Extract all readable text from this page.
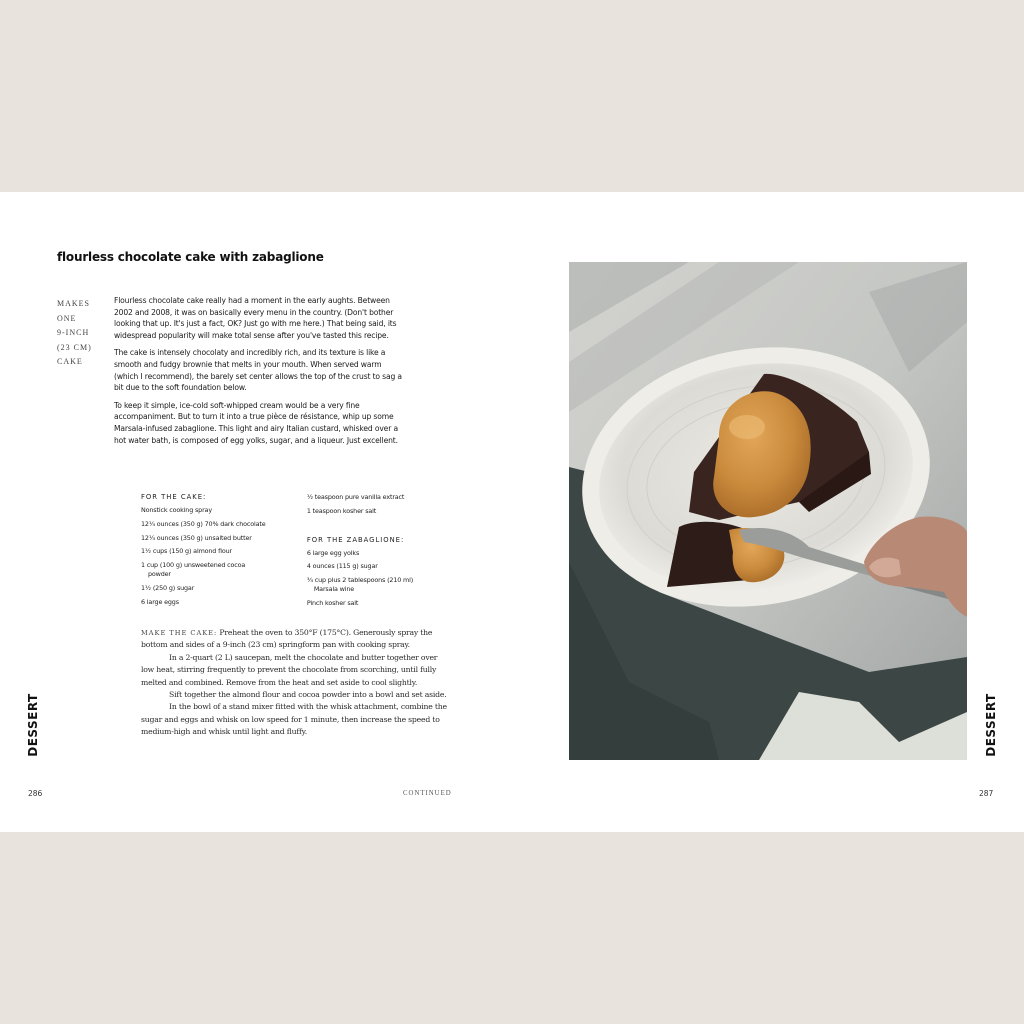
flourless chocolate cake with zabaglione
MAKES
ONE
9-INCH
(23 CM)
CAKE

Flourless chocolate cake really had a moment in the early aughts. Between 2002 and 2008, it was on basically every menu in the country. (Don't bother looking that up. It's just a fact, OK? Just go with me here.) That being said, its widespread popularity will make total sense after you've tasted this recipe.

The cake is intensely chocolaty and incredibly rich, and its texture is like a smooth and fudgy brownie that melts in your mouth. When served warm (which I recommend), the barely set center allows the top of the crust to sag a bit due to the soft foundation below.

To keep it simple, ice-cold soft-whipped cream would be a very fine accompaniment. But to turn it into a true pièce de résistance, whip up some Marsala-infused zabaglione. This light and airy Italian custard, whisked over a hot water bath, is composed of egg yolks, sugar, and a liqueur. Just excellent.

FOR THE CAKE:
Nonstick cooking spray
12¼ ounces (350 g) 70% dark chocolate
12¼ ounces (350 g) unsalted butter
1½ cups (150 g) almond flour
1 cup (100 g) unsweetened cocoa powder
1½ (250 g) sugar
6 large eggs
½ teaspoon pure vanilla extract
1 teaspoon kosher salt
FOR THE ZABAGLIONE:
6 large egg yolks
4 ounces (115 g) sugar
¾ cup plus 2 tablespoons (210 ml) Marsala wine
Pinch kosher salt

MAKE THE CAKE: Preheat the oven to 350°F (175°C). Generously spray the bottom and sides of a 9-inch (23 cm) springform pan with cooking spray.

In a 2-quart (2 L) saucepan, melt the chocolate and butter together over low heat, stirring frequently to prevent the chocolate from scorching, until fully melted and combined. Remove from the heat and set aside to cool slightly.

Sift together the almond flour and cocoa powder into a bowl and set aside.

In the bowl of a stand mixer fitted with the whisk attachment, combine the sugar and eggs and whisk on low speed for 1 minute, then increase the speed to medium-high and whisk until light and fluffy.

DESSERT
286	CONTINUED
DESSERT
287
